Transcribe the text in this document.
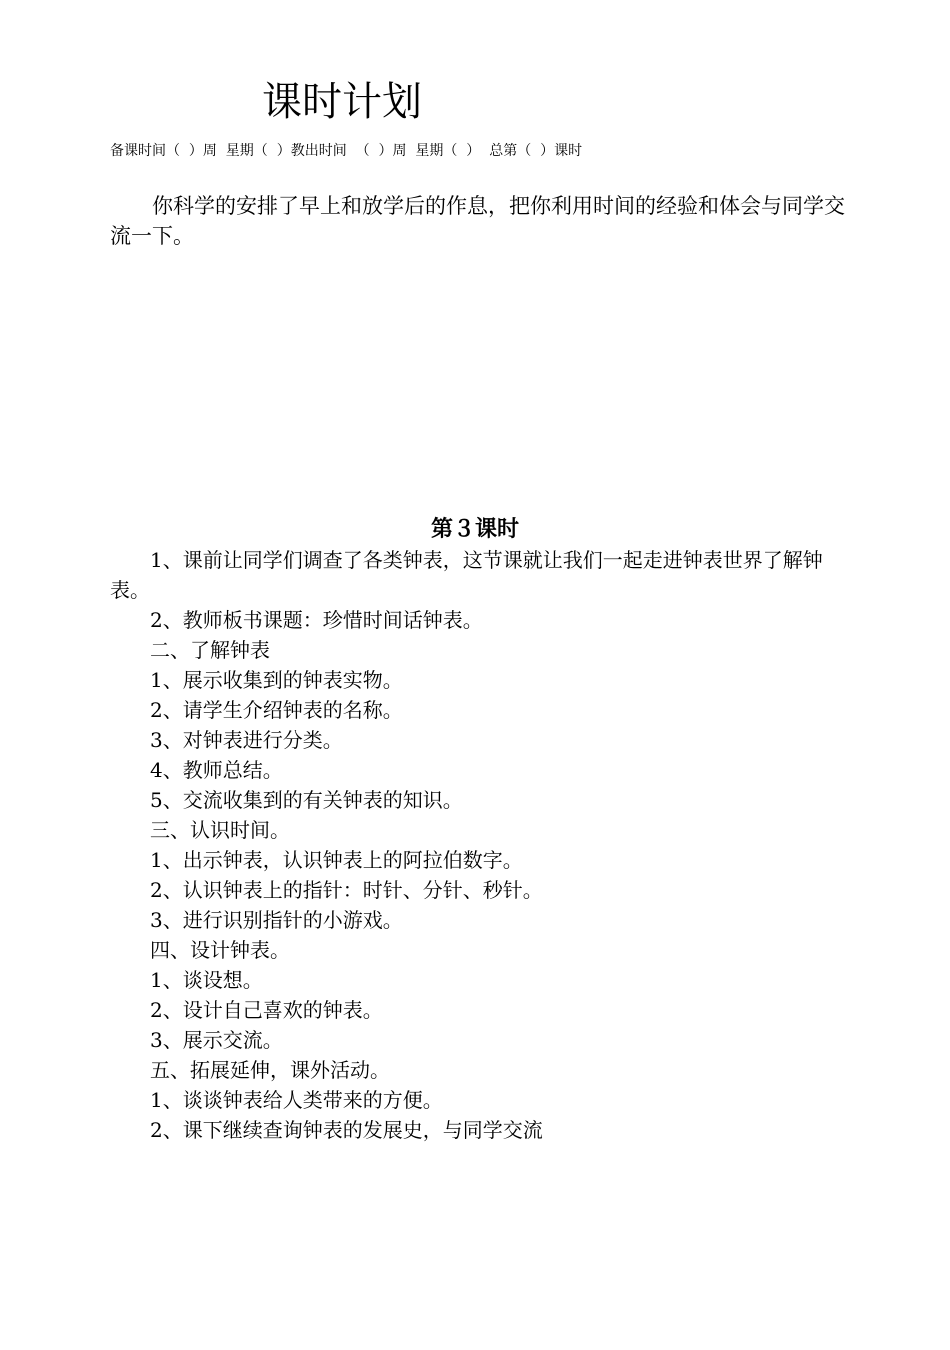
课时计划
备课时间（  ）周  星期（  ）教出时间  （  ）周  星期（  ）  总第（  ）课时
你科学的安排了早上和放学后的作息，把你利用时间的经验和体会与同学交流一下。
第３课时

1、课前让同学们调查了各类钟表，这节课就让我们一起走进钟表世界了解钟表。

2、教师板书课题：珍惜时间话钟表。

二、了解钟表

1、展示收集到的钟表实物。

2、请学生介绍钟表的名称。

3、对钟表进行分类。

4、教师总结。

5、交流收集到的有关钟表的知识。

三、认识时间。

1、出示钟表，认识钟表上的阿拉伯数字。

2、认识钟表上的指针：时针、分针、秒针。

3、进行识别指针的小游戏。

四、设计钟表。

1、谈设想。

2、设计自己喜欢的钟表。

3、展示交流。

五、拓展延伸，课外活动。

1、谈谈钟表给人类带来的方便。

2、课下继续查询钟表的发展史，与同学交流
